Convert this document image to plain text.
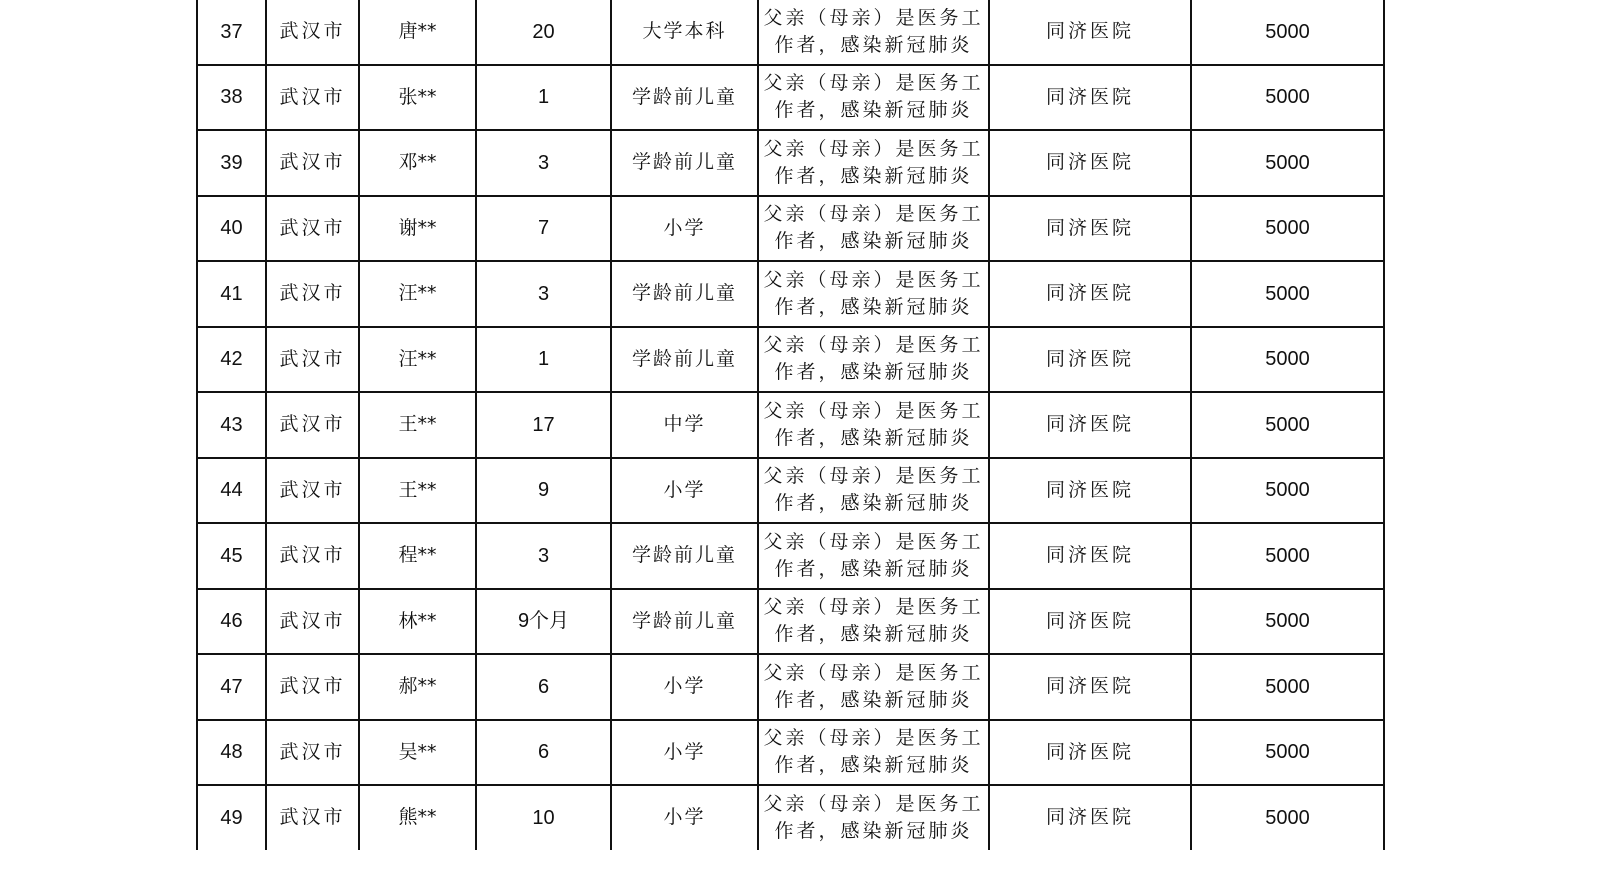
37	武汉市	唐**	20	大学本科	父亲（母亲）是医务工作者，感染新冠肺炎	同济医院	5000
38	武汉市	张**	1	学龄前儿童	父亲（母亲）是医务工作者，感染新冠肺炎	同济医院	5000
39	武汉市	邓**	3	学龄前儿童	父亲（母亲）是医务工作者，感染新冠肺炎	同济医院	5000
40	武汉市	谢**	7	小学	父亲（母亲）是医务工作者，感染新冠肺炎	同济医院	5000
41	武汉市	汪**	3	学龄前儿童	父亲（母亲）是医务工作者，感染新冠肺炎	同济医院	5000
42	武汉市	汪**	1	学龄前儿童	父亲（母亲）是医务工作者，感染新冠肺炎	同济医院	5000
43	武汉市	王**	17	中学	父亲（母亲）是医务工作者，感染新冠肺炎	同济医院	5000
44	武汉市	王**	9	小学	父亲（母亲）是医务工作者，感染新冠肺炎	同济医院	5000
45	武汉市	程**	3	学龄前儿童	父亲（母亲）是医务工作者，感染新冠肺炎	同济医院	5000
46	武汉市	林**	9个月	学龄前儿童	父亲（母亲）是医务工作者，感染新冠肺炎	同济医院	5000
47	武汉市	郝**	6	小学	父亲（母亲）是医务工作者，感染新冠肺炎	同济医院	5000
48	武汉市	吴**	6	小学	父亲（母亲）是医务工作者，感染新冠肺炎	同济医院	5000
49	武汉市	熊**	10	小学	父亲（母亲）是医务工作者，感染新冠肺炎	同济医院	5000
